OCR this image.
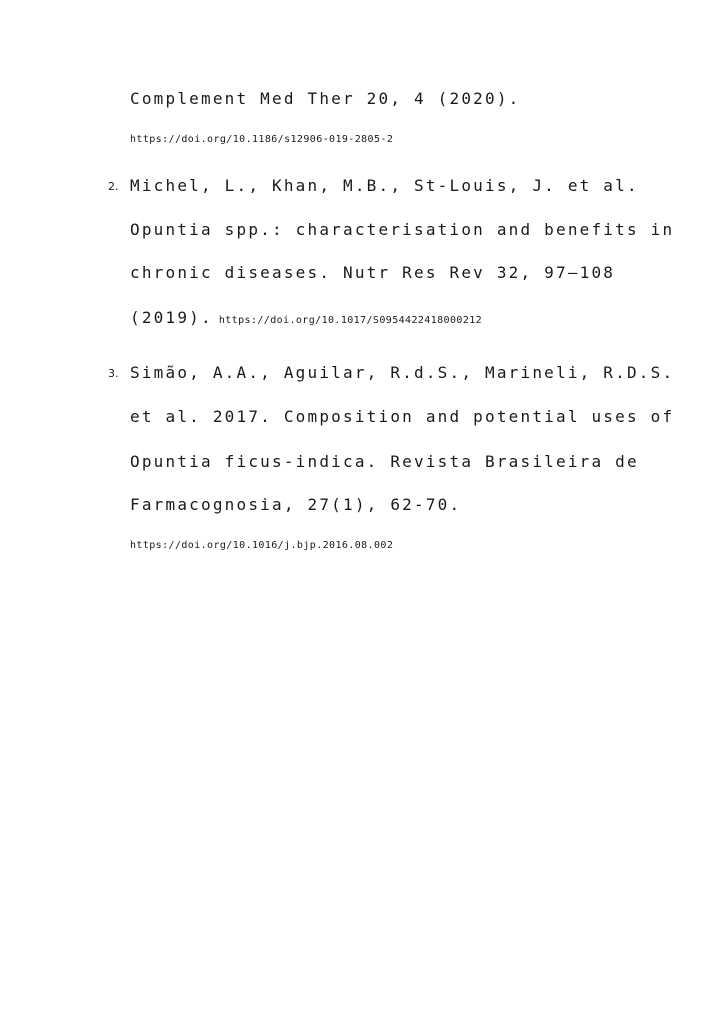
Complement Med Ther 20, 4 (2020).
https://doi.org/10.1186/s12906-019-2805-2
2. Michel, L., Khan, M.B., St-Louis, J. et al.
Opuntia spp.: characterisation and benefits in
chronic diseases. Nutr Res Rev 32, 97–108
(2019). https://doi.org/10.1017/S0954422418000212
3. Simão, A.A., Aguilar, R.d.S., Marineli, R.D.S.
et al. 2017. Composition and potential uses of
Opuntia ficus-indica. Revista Brasileira de
Farmacognosia, 27(1), 62-70.
https://doi.org/10.1016/j.bjp.2016.08.002
